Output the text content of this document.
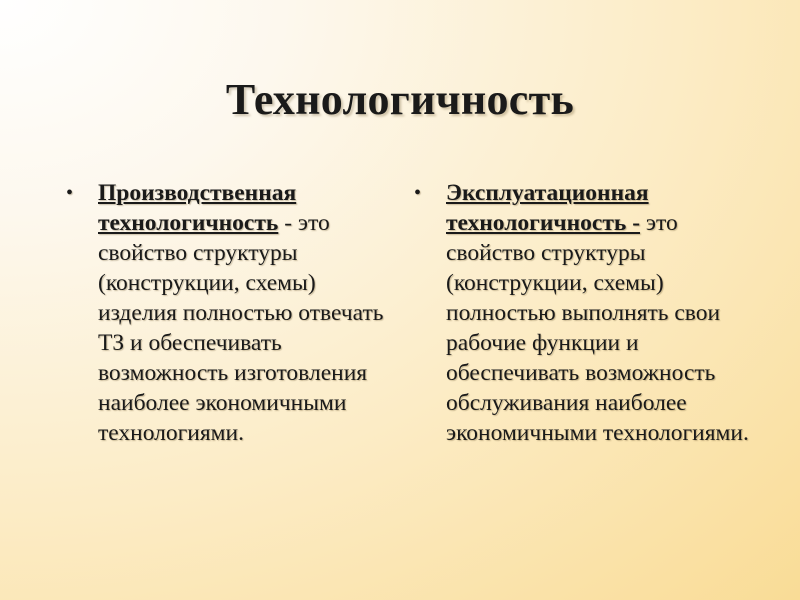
Технологичность
• Производственная технологичность - это свойство структуры (конструкции, схемы) изделия полностью отвечать ТЗ и обеспечивать возможность изготовления наиболее экономичными технологиями.
• Эксплуатационная технологичность - это свойство структуры (конструкции, схемы) полностью выполнять свои рабочие функции и обеспечивать возможность обслуживания наиболее экономичными технологиями.
